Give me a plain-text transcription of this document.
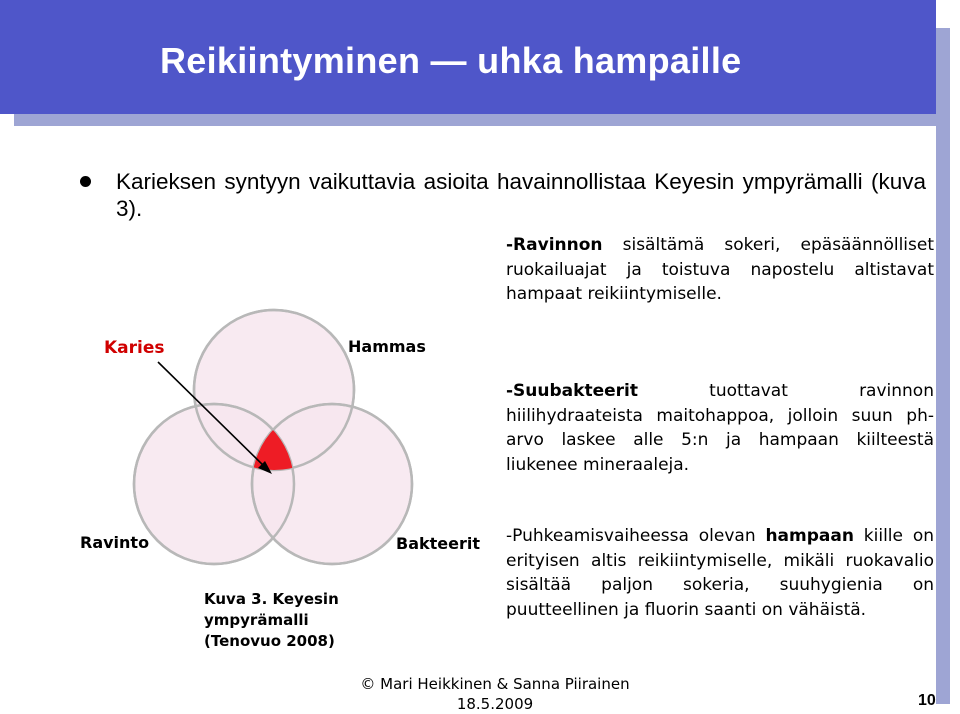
Reikiintyminen — uhka hampaille
Karieksen syntyyn vaikuttavia asioita havainnollistaa Keyesin ympyrämalli (kuva 3).
Karies	Hammas
Ravinto	Bakteerit
Kuva 3. Keyesin
ympyrämalli
(Tenovuo 2008)
-Ravinnon sisältämä sokeri, epäsäännölliset ruokailuajat ja toistuva napostelu altistavat hampaat reikiintymiselle.
-Suubakteerit tuottavat ravinnon hiilihydraateista maitohappoa, jolloin suun ph-arvo laskee alle 5:n ja hampaan kiilteestä liukenee mineraaleja.
-Puhkeamisvaiheessa olevan hampaan kiille on erityisen altis reikiintymiselle, mikäli ruokavalio sisältää paljon sokeria, suuhygienia on puutteellinen ja fluorin saanti on vähäistä.
© Mari Heikkinen & Sanna Piirainen
18.5.2009	10
